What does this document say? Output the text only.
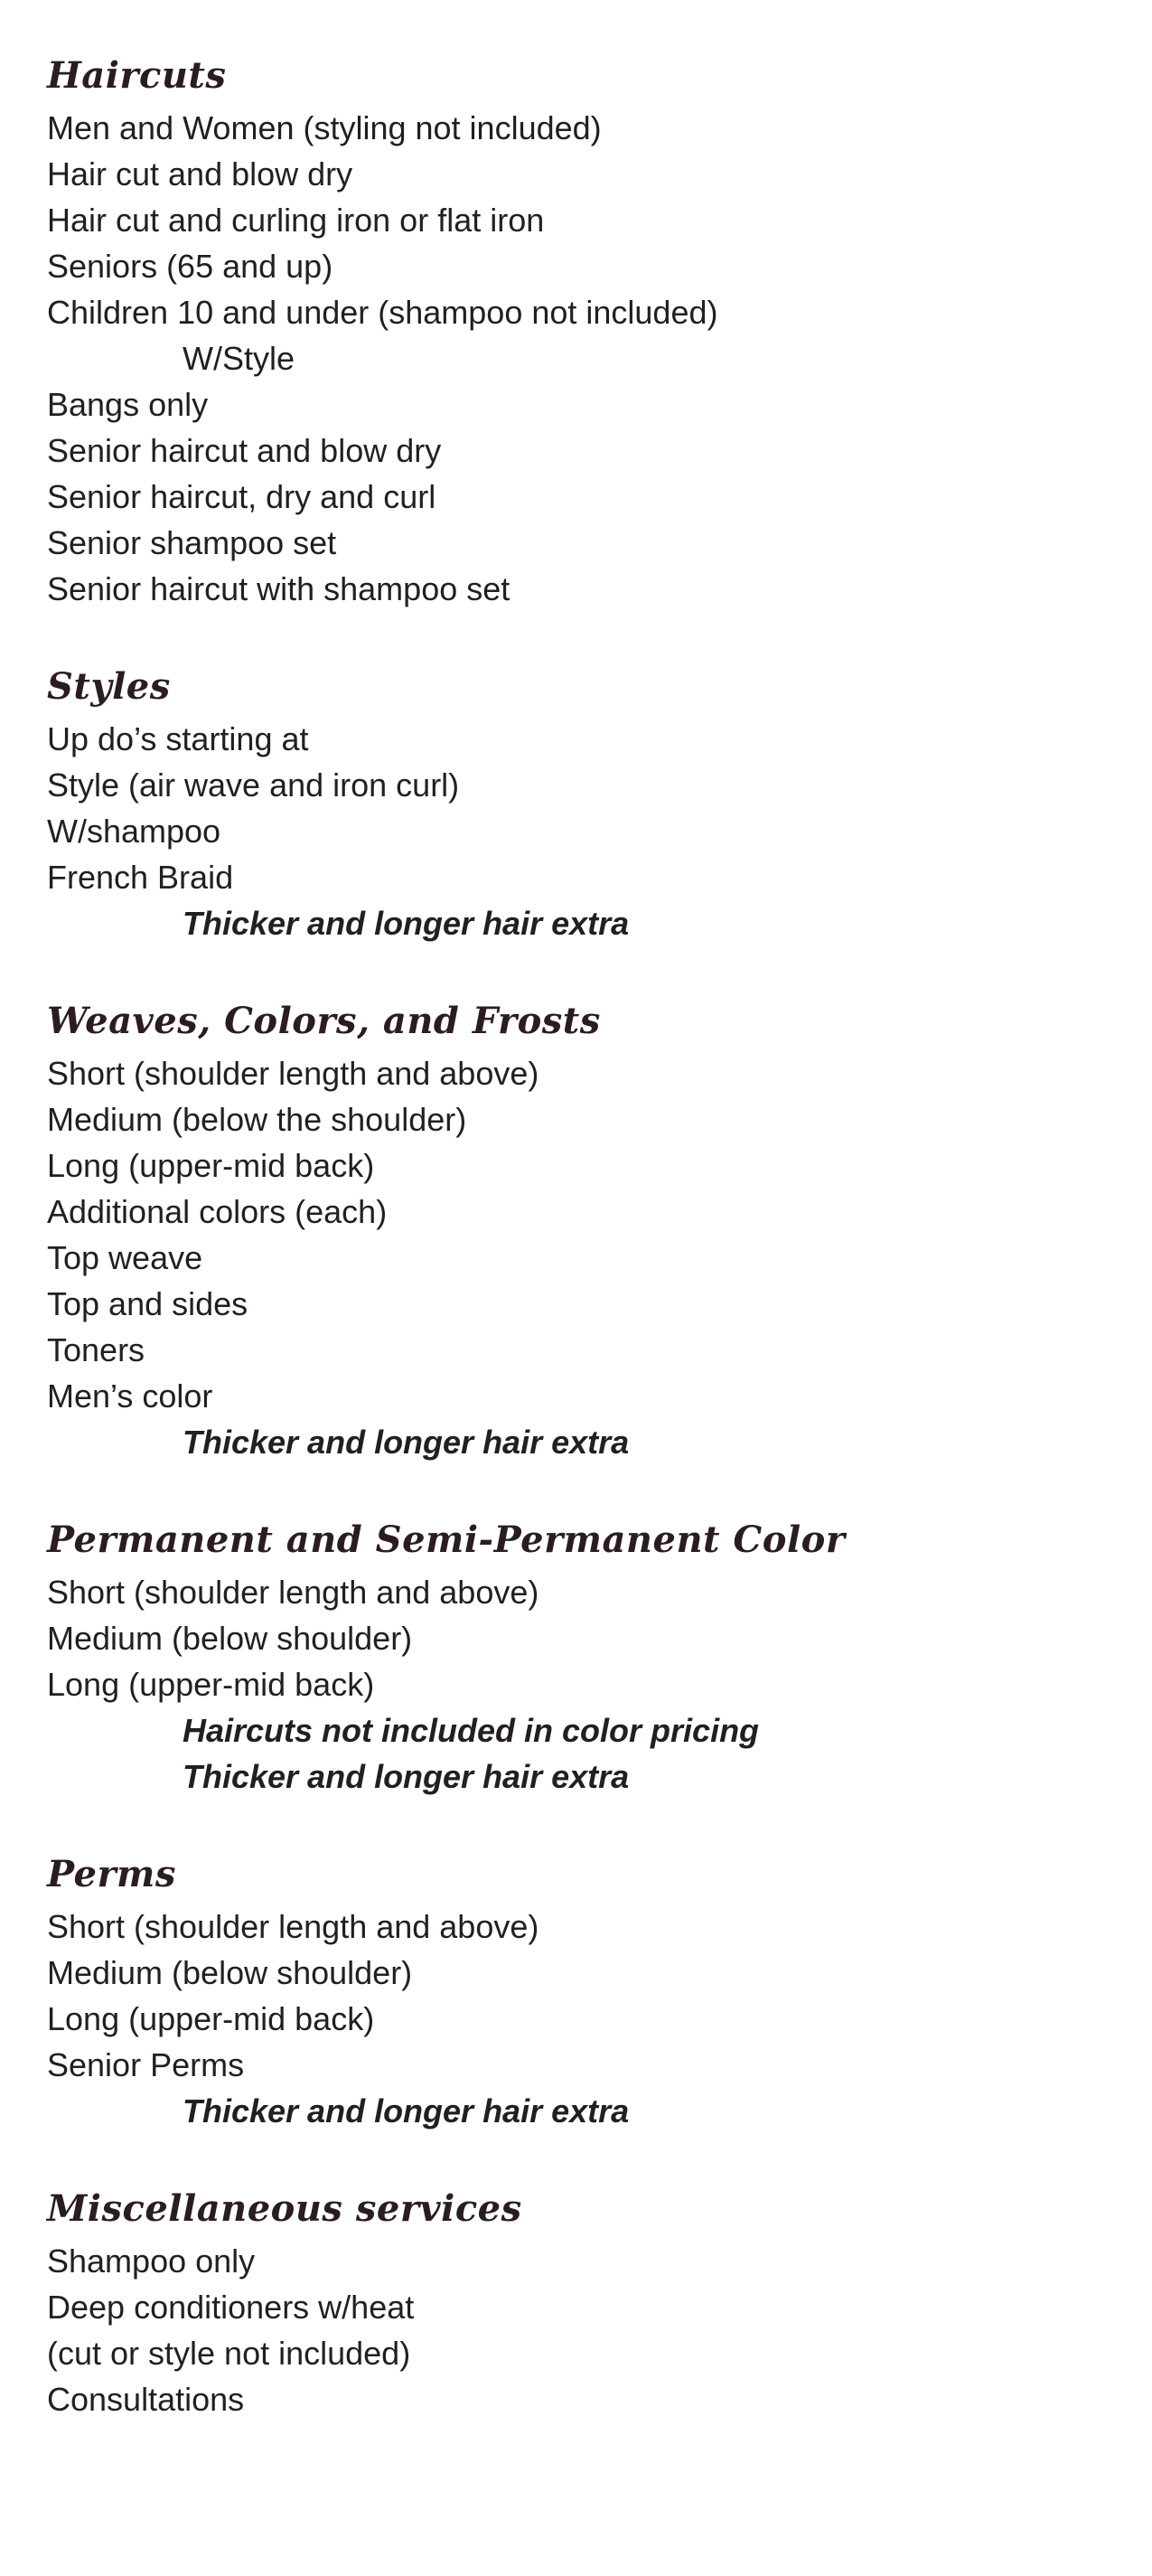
Haircuts

Men and Women (styling not included)

Hair cut and blow dry

Hair cut and curling iron or flat iron

Seniors (65 and up)

Children 10 and under (shampoo not included)

W/Style

Bangs only

Senior haircut and blow dry

Senior haircut, dry and curl

Senior shampoo set

Senior haircut with shampoo set

Styles

Up do’s starting at

Style (air wave and iron curl)

W/shampoo

French Braid

Thicker and longer hair extra

Weaves, Colors, and Frosts

Short (shoulder length and above)

Medium (below the shoulder)

Long (upper-mid back)

Additional colors (each)

Top weave

Top and sides

Toners

Men’s color

Thicker and longer hair extra

Permanent and Semi-Permanent Color

Short (shoulder length and above)

Medium (below shoulder)

Long (upper-mid back)

Haircuts not included in color pricing

Thicker and longer hair extra

Perms

Short (shoulder length and above)

Medium (below shoulder)

Long (upper-mid back)

Senior Perms

Thicker and longer hair extra

Miscellaneous services

Shampoo only

Deep conditioners w/heat

(cut or style not included)

Consultations
